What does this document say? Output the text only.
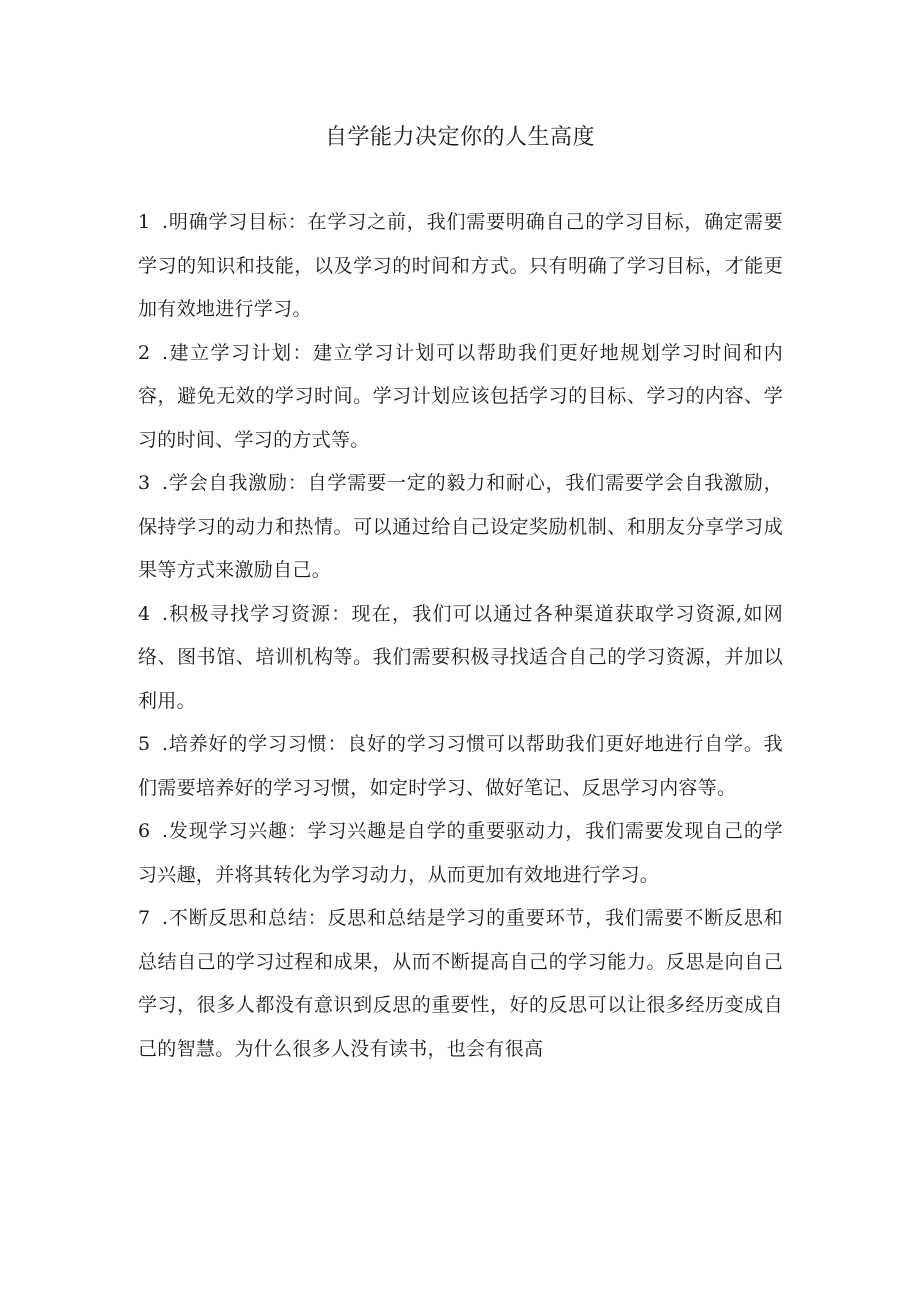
自学能力决定你的人生高度

1 .明确学习目标：在学习之前，我们需要明确自己的学习目标，确定需要学习的知识和技能，以及学习的时间和方式。只有明确了学习目标，才能更加有效地进行学习。

2 .建立学习计划：建立学习计划可以帮助我们更好地规划学习时间和内容，避免无效的学习时间。学习计划应该包括学习的目标、学习的内容、学习的时间、学习的方式等。

3 .学会自我激励：自学需要一定的毅力和耐心，我们需要学会自我激励，保持学习的动力和热情。可以通过给自己设定奖励机制、和朋友分享学习成果等方式来激励自己。

4 .积极寻找学习资源：现在，我们可以通过各种渠道获取学习资源,如网络、图书馆、培训机构等。我们需要积极寻找适合自己的学习资源，并加以利用。

5 .培养好的学习习惯：良好的学习习惯可以帮助我们更好地进行自学。我们需要培养好的学习习惯，如定时学习、做好笔记、反思学习内容等。

6 .发现学习兴趣：学习兴趣是自学的重要驱动力，我们需要发现自己的学习兴趣，并将其转化为学习动力，从而更加有效地进行学习。

7 .不断反思和总结：反思和总结是学习的重要环节，我们需要不断反思和总结自己的学习过程和成果，从而不断提高自己的学习能力。反思是向自己学习，很多人都没有意识到反思的重要性，好的反思可以让很多经历变成自己的智慧。为什么很多人没有读书，也会有很高
